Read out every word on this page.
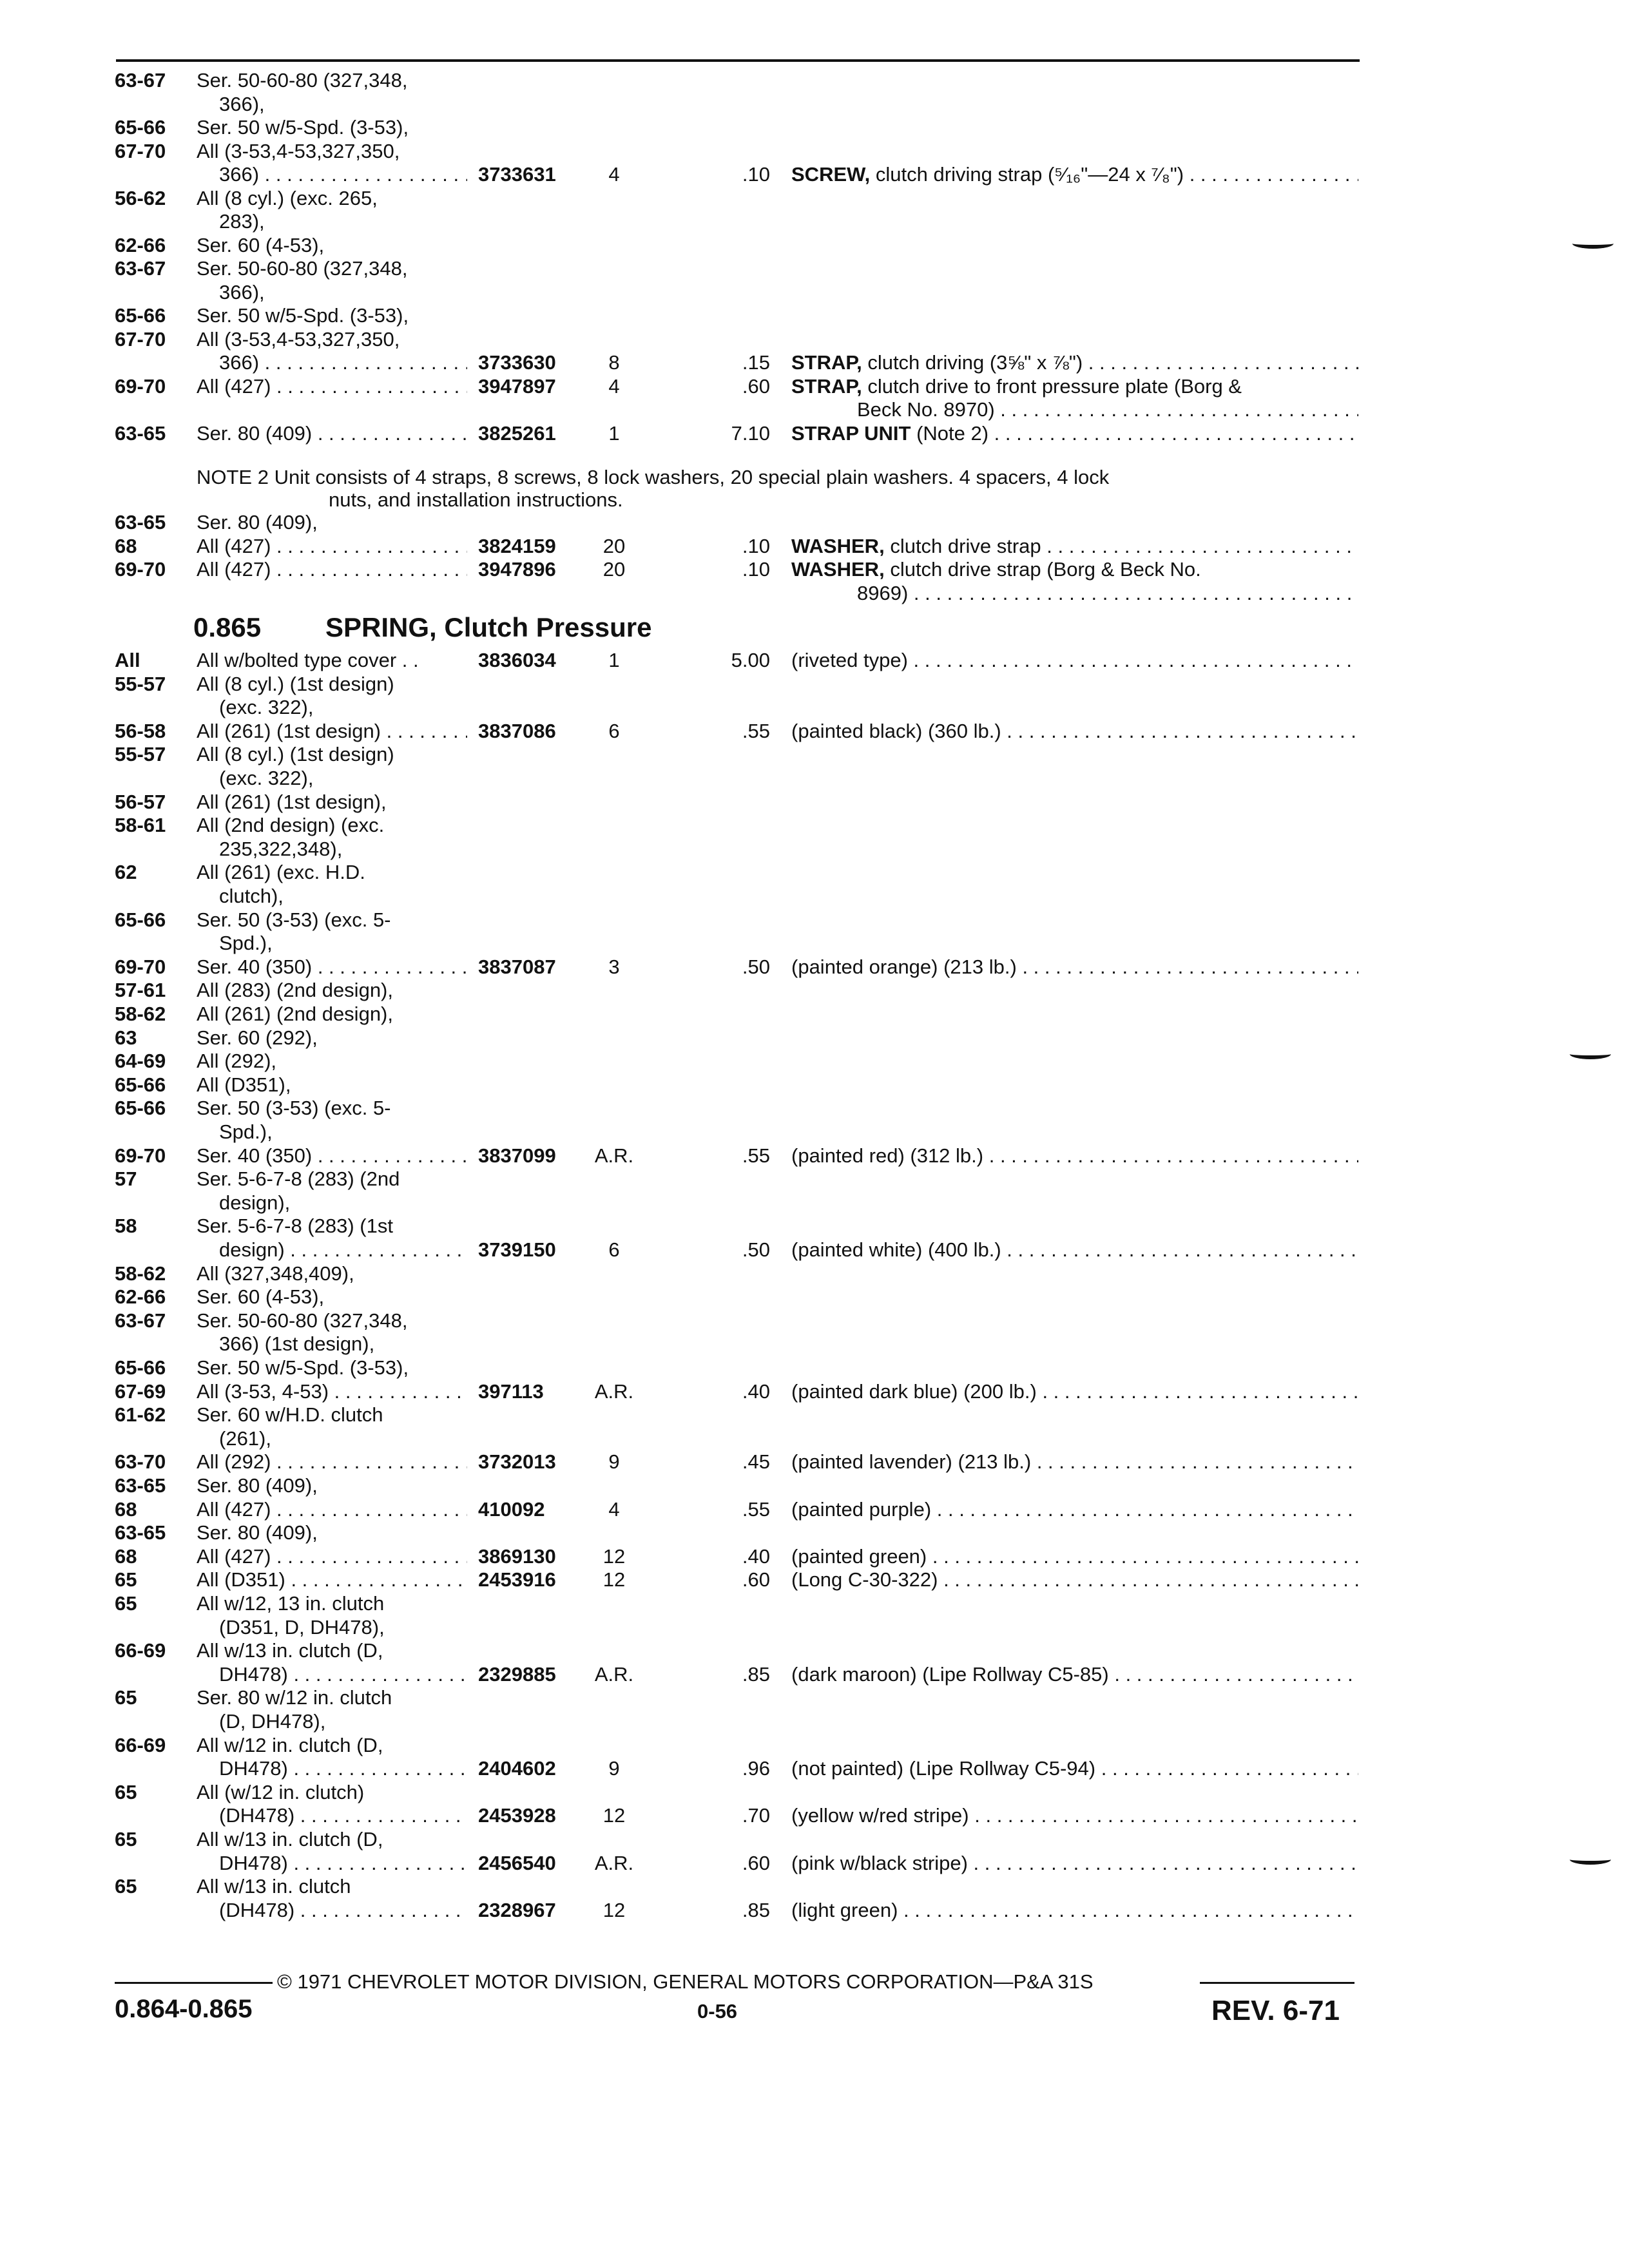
63-67	Ser. 50-60-80 (327,348,
366),
65-66	Ser. 50 w/5-Spd. (3-53),
67-70	All (3-53,4-53,327,350,
366) . . .	3733631	4	.10 SCREW, clutch driving strap (⁵⁄₁₆"—24 x ⁷⁄₈") . . .
56-62	All (8 cyl.) (exc. 265,
283),
62-66	Ser. 60 (4-53),
63-67	Ser. 50-60-80 (327,348,
366),
65-66	Ser. 50 w/5-Spd. (3-53),
67-70	All (3-53,4-53,327,350,
366) . . .	3733630	8	.15 STRAP, clutch driving (3⅝" x ⅞") . . .
69-70	All (427) . . .	3947897	4	.60 STRAP, clutch drive to front pressure plate (Borg &
Beck No. 8970) . . .
63-65	Ser. 80 (409) . . .	3825261	1	7.10 STRAP UNIT (Note 2) . . .
NOTE 2 Unit consists of 4 straps, 8 screws, 8 lock washers, 20 special plain washers. 4 spacers, 4 lock
nuts, and installation instructions.
63-65	Ser. 80 (409),
68	All (427) . . .	3824159	20	.10 WASHER, clutch drive strap . . .
69-70	All (427) . . .	3947896	20	.10 WASHER, clutch drive strap (Borg & Beck No.
8969) . . .
0.865 SPRING, Clutch Pressure
All	All w/bolted type cover . .	3836034	1	5.00 (riveted type) . . .
55-57	All (8 cyl.) (1st design)
(exc. 322),
56-58	All (261) (1st design) . . .	3837086	6	.55 (painted black) (360 lb.) . . .
55-57	All (8 cyl.) (1st design)
(exc. 322),
56-57	All (261) (1st design),
58-61	All (2nd design) (exc.
235,322,348),
62	All (261) (exc. H.D.
clutch),
65-66	Ser. 50 (3-53) (exc. 5-
Spd.),
69-70	Ser. 40 (350) . . .	3837087	3	.50 (painted orange) (213 lb.) . . .
57-61	All (283) (2nd design),
58-62	All (261) (2nd design),
63	Ser. 60 (292),
64-69	All (292),
65-66	All (D351),
65-66	Ser. 50 (3-53) (exc. 5-
Spd.),
69-70	Ser. 40 (350) . . .	3837099	A.R.	.55 (painted red) (312 lb.) . . .
57	Ser. 5-6-7-8 (283) (2nd
design),
58	Ser. 5-6-7-8 (283) (1st
design) . . .	3739150	6	.50 (painted white) (400 lb.) . . .
58-62	All (327,348,409),
62-66	Ser. 60 (4-53),
63-67	Ser. 50-60-80 (327,348,
366) (1st design),
65-66	Ser. 50 w/5-Spd. (3-53),
67-69	All (3-53, 4-53) . . .	397113	A.R.	.40 (painted dark blue) (200 lb.) . . .
61-62	Ser. 60 w/H.D. clutch
(261),
63-70	All (292) . . .	3732013	9	.45 (painted lavender) (213 lb.) . . .
63-65	Ser. 80 (409),
68	All (427) . . .	410092	4	.55 (painted purple) . . .
63-65	Ser. 80 (409),
68	All (427) . . .	3869130	12	.40 (painted green) . . .
65	All (D351) . . .	2453916	12	.60 (Long C-30-322) . . .
65	All w/12, 13 in. clutch
(D351, D, DH478),
66-69	All w/13 in. clutch (D,
DH478) . . .	2329885	A.R.	.85 (dark maroon) (Lipe Rollway C5-85) . . .
65	Ser. 80 w/12 in. clutch
(D, DH478),
66-69	All w/12 in. clutch (D,
DH478) . . .	2404602	9	.96 (not painted) (Lipe Rollway C5-94) . . .
65	All (w/12 in. clutch)
(DH478) . . .	2453928	12	.70 (yellow w/red stripe) . . .
65	All w/13 in. clutch (D,
DH478) . . .	2456540	A.R.	.60 (pink w/black stripe) . . .
65	All w/13 in. clutch
(DH478) . . .	2328967	12	.85 (light green) . . .
© 1971 CHEVROLET MOTOR DIVISION, GENERAL MOTORS CORPORATION—P&A 31S
0.864-0.865	0-56	REV. 6-71
